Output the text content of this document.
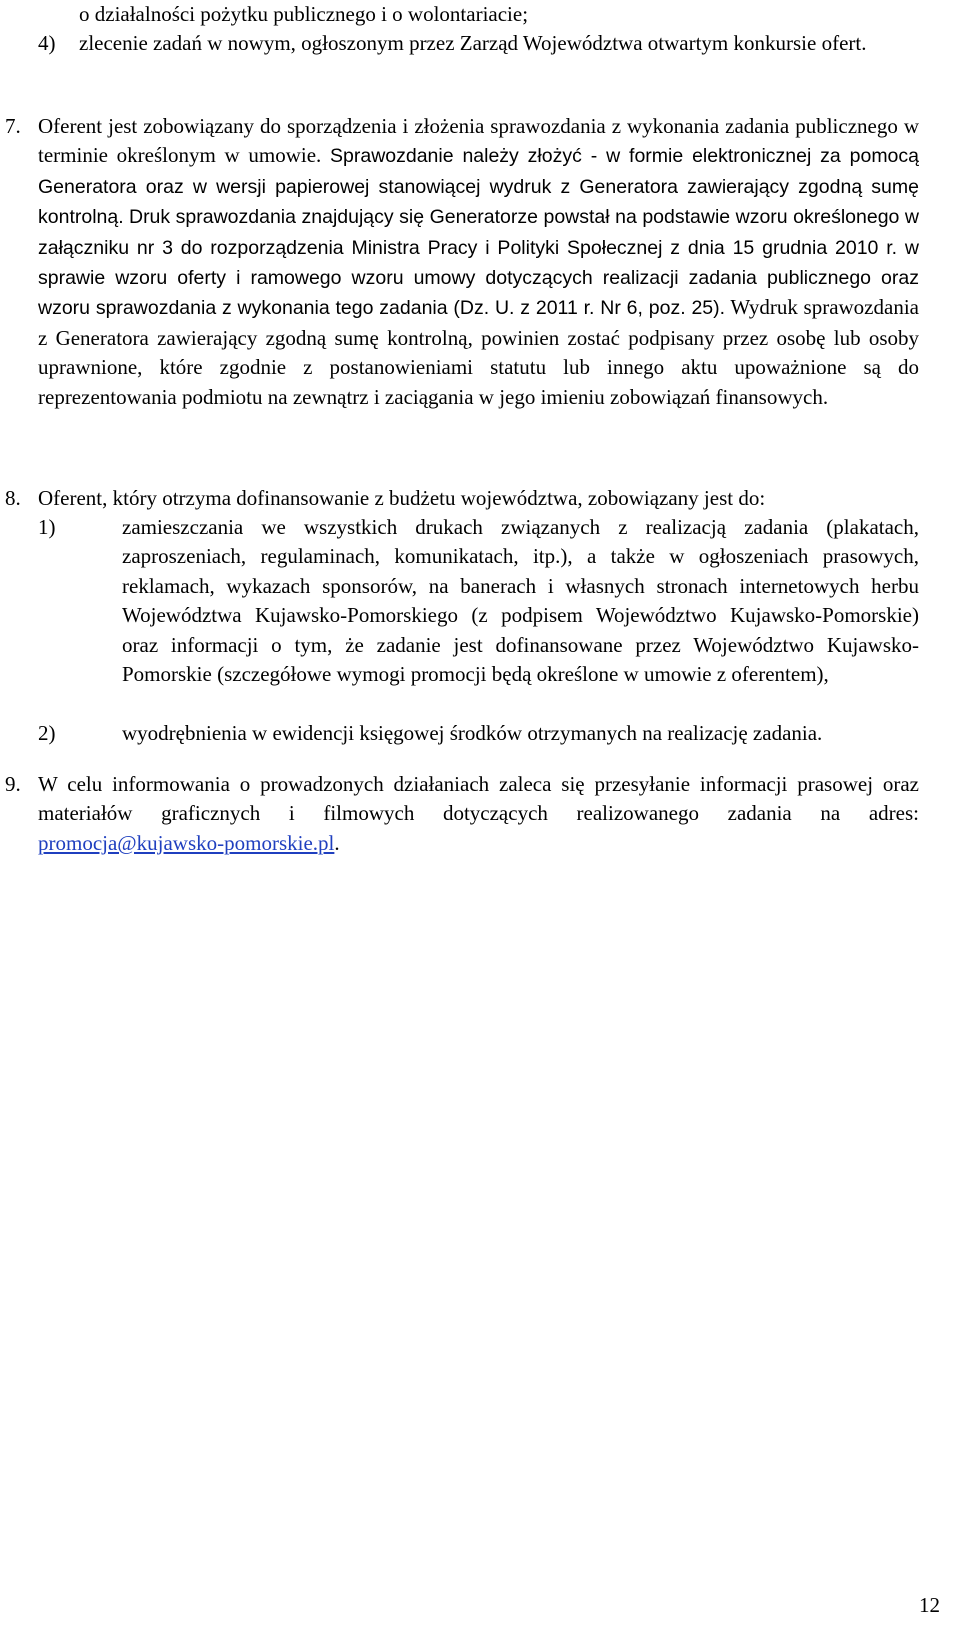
o działalności pożytku publicznego i o wolontariacie;

4) zlecenie zadań w nowym, ogłoszonym przez Zarząd Województwa otwartym konkursie ofert.

7. Oferent jest zobowiązany do sporządzenia i złożenia sprawozdania z wykonania zadania publicznego w terminie określonym w umowie. Sprawozdanie należy złożyć - w formie elektronicznej za pomocą Generatora oraz w wersji papierowej stanowiącej wydruk z Generatora zawierający zgodną sumę kontrolną. Druk sprawozdania znajdujący się Generatorze powstał na podstawie wzoru określonego w załączniku nr 3 do rozporządzenia Ministra Pracy i Polityki Społecznej z dnia 15 grudnia 2010 r. w sprawie wzoru oferty i ramowego wzoru umowy dotyczących realizacji zadania publicznego oraz wzoru sprawozdania z wykonania tego zadania (Dz. U. z 2011 r. Nr 6, poz. 25). Wydruk sprawozdania z Generatora zawierający zgodną sumę kontrolną, powinien zostać podpisany przez osobę lub osoby uprawnione, które zgodnie z postanowieniami statutu lub innego aktu upoważnione są do reprezentowania podmiotu na zewnątrz i zaciągania w jego imieniu zobowiązań finansowych.

8. Oferent, który otrzyma dofinansowanie z budżetu województwa, zobowiązany jest do:

1)	zamieszczania we wszystkich drukach związanych z realizacją zadania (plakatach, zaproszeniach, regulaminach, komunikatach, itp.), a także w ogłoszeniach prasowych, reklamach, wykazach sponsorów, na banerach i własnych stronach internetowych herbu Województwa Kujawsko-Pomorskiego (z podpisem Województwo Kujawsko-Pomorskie) oraz informacji o tym, że zadanie jest dofinansowane przez Województwo Kujawsko-Pomorskie (szczegółowe wymogi promocji będą określone w umowie z oferentem),

2)	wyodrębnienia w ewidencji księgowej środków otrzymanych na realizację zadania.

9. W celu informowania o prowadzonych działaniach zaleca się przesyłanie informacji prasowej oraz materiałów graficznych i filmowych dotyczących realizowanego zadania na adres: promocja@kujawsko-pomorskie.pl.

12
